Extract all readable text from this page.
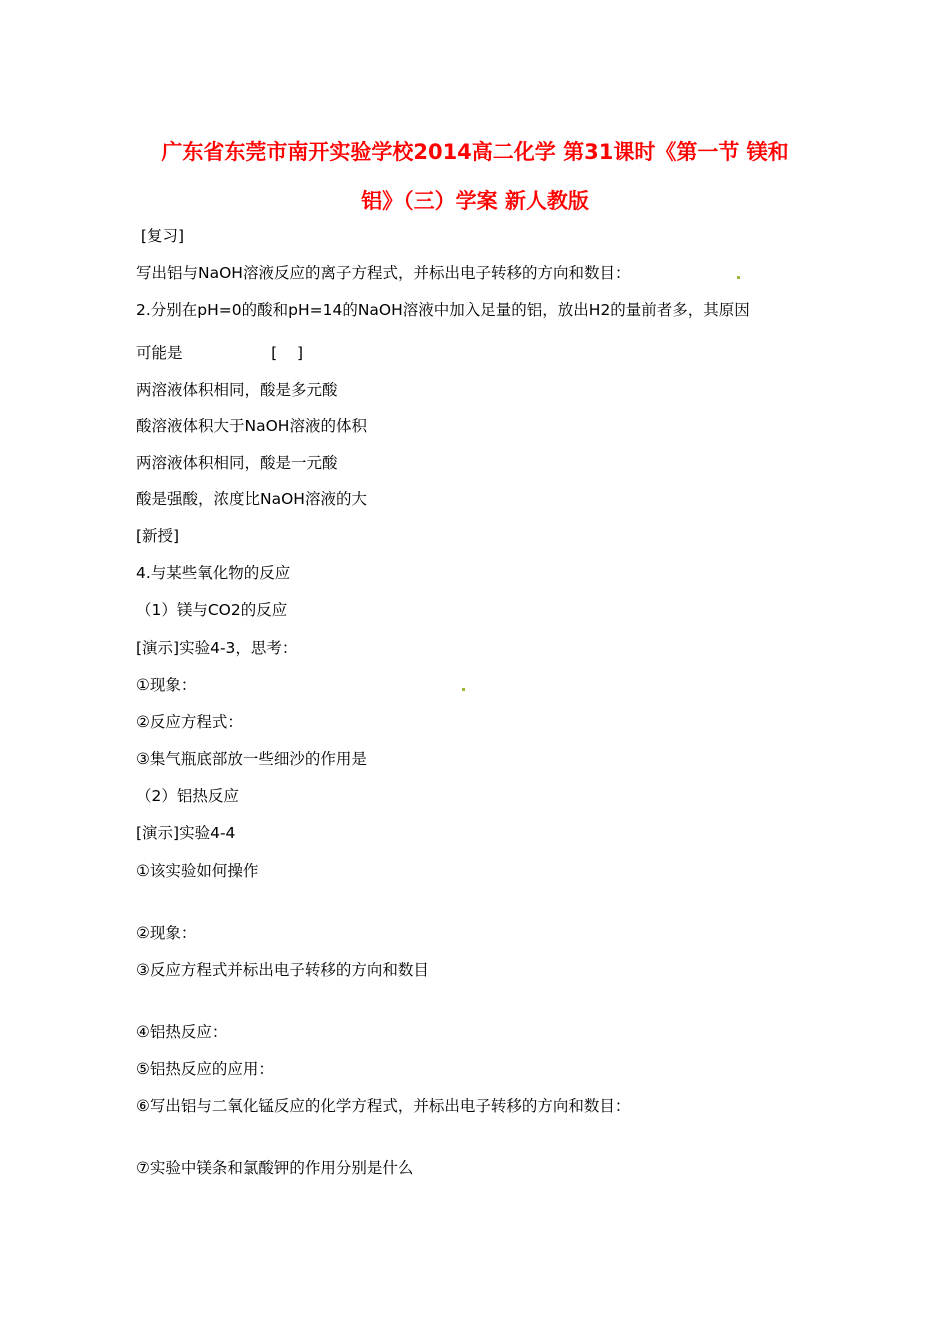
广东省东莞市南开实验学校2014高二化学 第31课时《第一节 镁和
铝》（三）学案 新人教版
[复习]
写出铝与NaOH溶液反应的离子方程式，并标出电子转移的方向和数目：
2.分别在pH=0的酸和pH=14的NaOH溶液中加入足量的铝，放出H2的量前者多，其原因
可能是                  [    ]
两溶液体积相同，酸是多元酸
酸溶液体积大于NaOH溶液的体积
两溶液体积相同，酸是一元酸
酸是强酸，浓度比NaOH溶液的大
[新授]
4.与某些氧化物的反应
（1）镁与CO2的反应
[演示]实验4-3，思考：
①现象：
②反应方程式：
③集气瓶底部放一些细沙的作用是
（2）铝热反应
[演示]实验4-4
①该实验如何操作
②现象：
③反应方程式并标出电子转移的方向和数目
④铝热反应：
⑤铝热反应的应用：
⑥写出铝与二氧化锰反应的化学方程式，并标出电子转移的方向和数目：
⑦实验中镁条和氯酸钾的作用分别是什么
